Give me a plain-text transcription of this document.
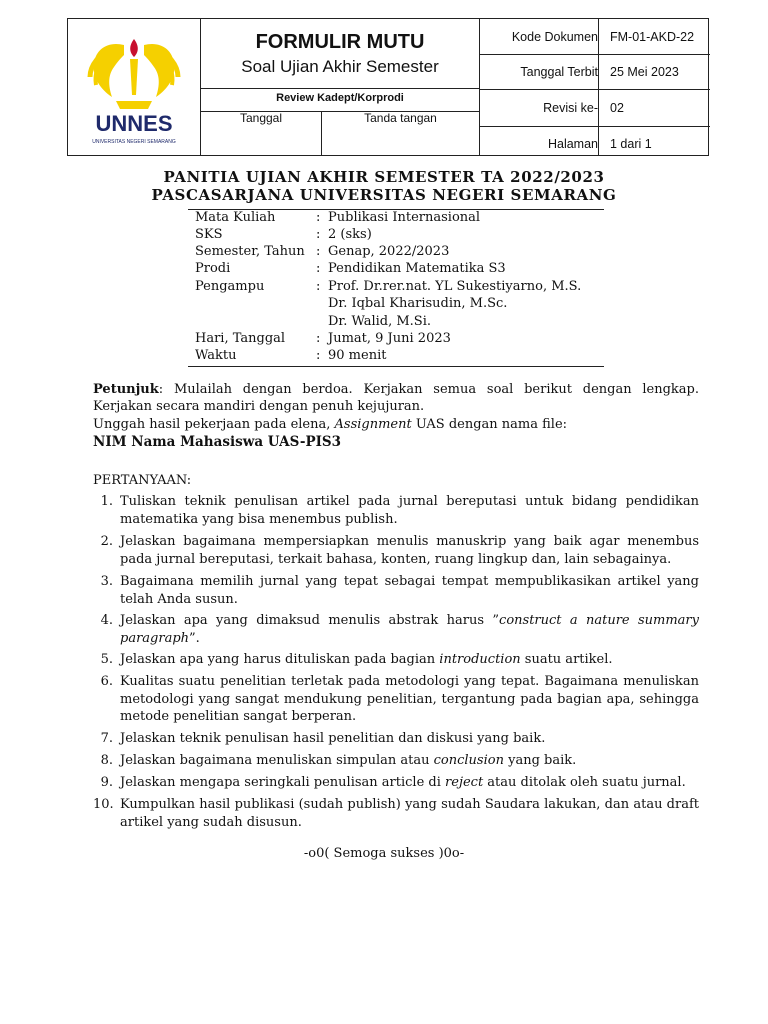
UNNES
UNIVERSITAS NEGERI SEMARANG
FORMULIR MUTU
Soal Ujian Akhir Semester
Review Kadept/Korprodi
Tanggal	Tanda tangan
Kode Dokumen FM-01-AKD-22
Tanggal Terbit 25 Mei 2023
Revisi ke- 02
Halaman 1 dari 1
PANITIA UJIAN AKHIR SEMESTER TA 2022/2023
PASCASARJANA UNIVERSITAS NEGERI SEMARANG
Mata Kuliah	: Publikasi Internasional
SKS	: 2 (sks)
Semester, Tahun : Genap, 2022/2023
Prodi	: Pendidikan Matematika S3
Pengampu	: Prof. Dr.rer.nat. YL Sukestiyarno, M.S.
Dr. Iqbal Kharisudin, M.Sc.
Dr. Walid, M.Si.
Hari, Tanggal : Jumat, 9 Juni 2023
Waktu	: 90 menit
Petunjuk: Mulailah dengan berdoa. Kerjakan semua soal berikut dengan lengkap. Kerjakan secara mandiri dengan penuh kejujuran.
Unggah hasil pekerjaan pada elena, Assignment UAS dengan nama file:
NIM Nama Mahasiswa UAS-PIS3
PERTANYAAN:
1. Tuliskan teknik penulisan artikel pada jurnal bereputasi untuk bidang pendidikan matematika yang bisa menembus publish.
2. Jelaskan bagaimana mempersiapkan menulis manuskrip yang baik agar menembus pada jurnal bereputasi, terkait bahasa, konten, ruang lingkup dan, lain sebagainya.
3. Bagaimana memilih jurnal yang tepat sebagai tempat mempublikasikan artikel yang telah Anda susun.
4. Jelaskan apa yang dimaksud menulis abstrak harus ”construct a nature summary paragraph”.
5. Jelaskan apa yang harus dituliskan pada bagian introduction suatu artikel.
6. Kualitas suatu penelitian terletak pada metodologi yang tepat. Bagaimana menuliskan metodologi yang sangat mendukung penelitian, tergantung pada bagian apa, sehingga metode penelitian sangat berperan.
7. Jelaskan teknik penulisan hasil penelitian dan diskusi yang baik.
8. Jelaskan bagaimana menuliskan simpulan atau conclusion yang baik.
9. Jelaskan mengapa seringkali penulisan article di reject atau ditolak oleh suatu jurnal.
10. Kumpulkan hasil publikasi (sudah publish) yang sudah Saudara lakukan, dan atau draft artikel yang sudah disusun.
-o0( Semoga sukses )0o-
